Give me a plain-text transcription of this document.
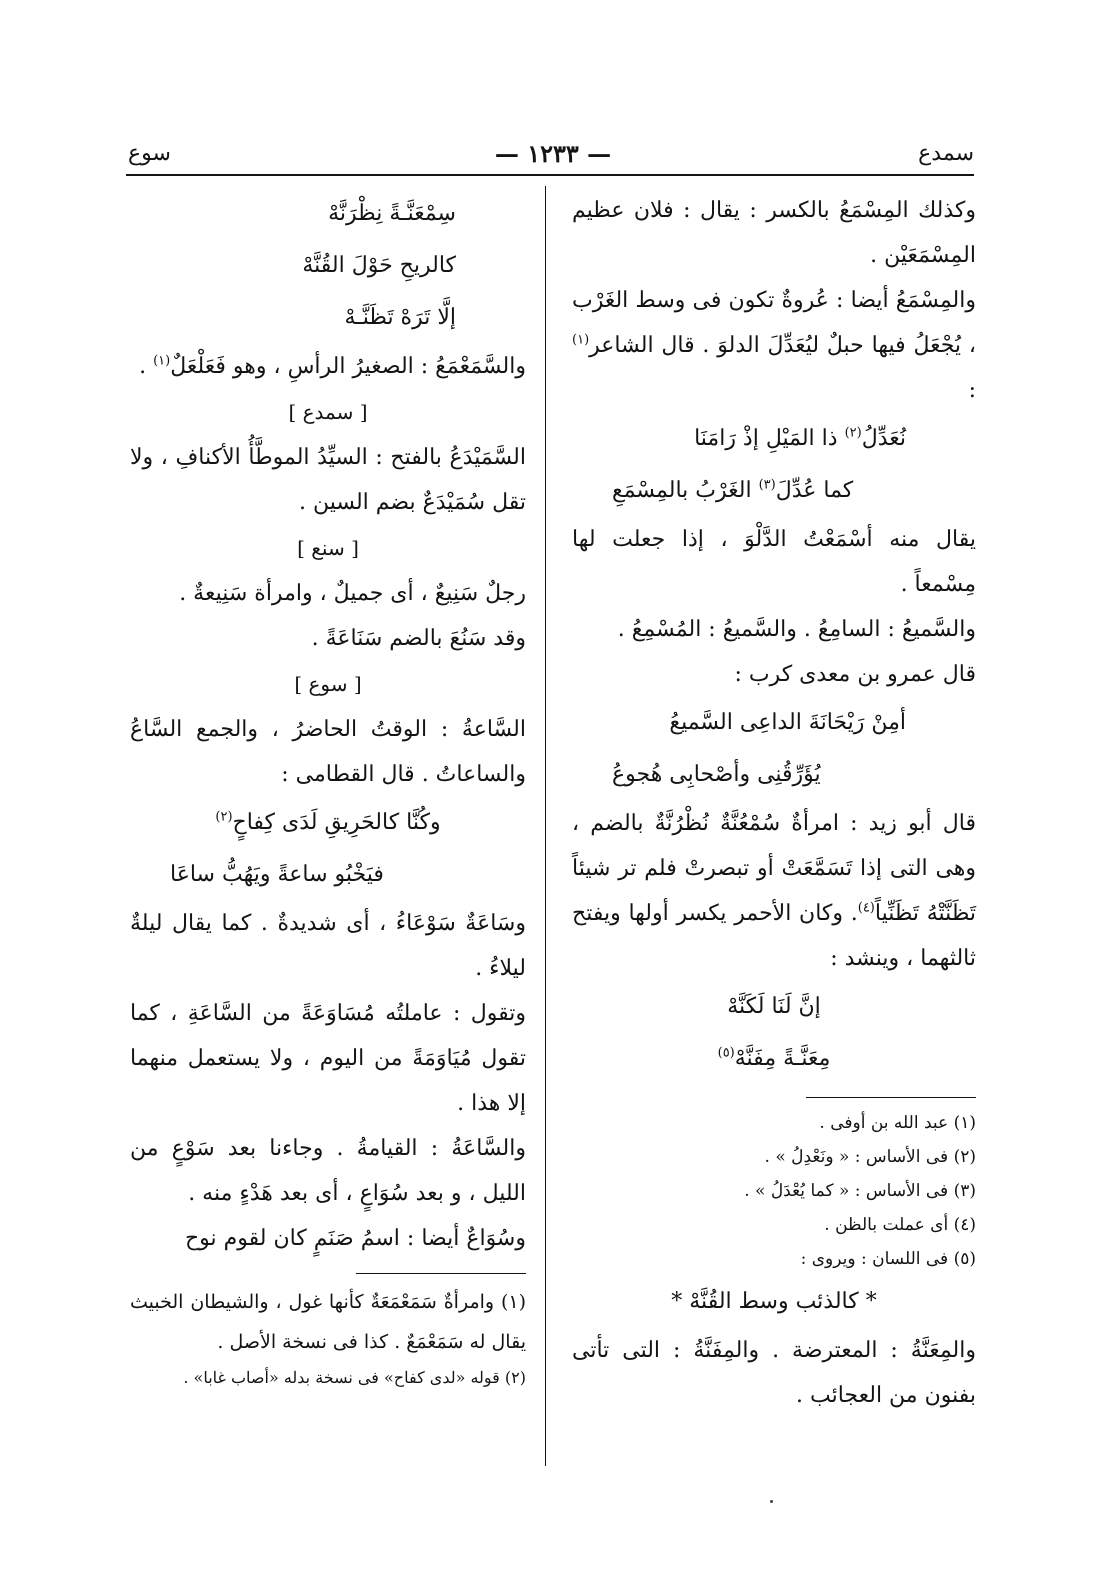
سمدع
— ١٢٣٣ —
سوع
وكذلك المِسْمَعُ بالكسر : يقال : فلان عظيم المِسْمَعَيْن .
والمِسْمَعُ أيضا : عُروةٌ تكون فى وسط الغَرْب ، يُجْعَلُ فيها حبلٌ ليُعَدِّلَ الدلوَ . قال الشاعر$^{(١)}$ :
نُعَدِّلُ$^{(٢)}$ ذا المَيْلِ إذْ رَامَنَا
كما عُدِّلَ$^{(٣)}$ الغَرْبُ بالمِسْمَعِ
يقال منه أسْمَعْتُ الدَّلْوَ ، إذا جعلت لها مِسْمعاً .
والسَّميعُ : السامِعُ . والسَّميعُ : المُسْمِعُ .
قال عمرو بن معدى كرب :
أمِنْ رَيْحَانَةَ الداعِى السَّميعُ
يُؤَرِّقُنِى وأصْحابِى هُجوعُ
قال أبو زيد : امرأةٌ سُمْعُنَّةٌ نُظْرُنَّةٌ بالضم ، وهى التى إذا تَسَمَّعَتْ أو تبصرتْ فلم تر شيئاً تَظَنَّتْهُ تَظَنِّياً$^{(٤)}$. وكان الأحمر يكسر أولها ويفتح ثالثهما ، وينشد :
إنَّ لَنَا لَكَنَّهْ
مِعَنَّـةً مِفَنَّهْ$^{(٥)}$
(١) عبد الله بن أوفى .
(٢) فى الأساس : « ونَعْدِلُ » .
(٣) فى الأساس : « كما يُعْدَلُ » .
(٤) أى عملت بالظن .
(٥) فى اللسان : ويروى :
* كالذئب وسط القُنَّهْ *
والمِعَنَّةُ : المعترضة . والمِفَنَّةُ : التى تأتى بفنون من العجائب .
سِمْعَنَّـةً نِظْرَنَّهْ
كالريحِ حَوْلَ القُنَّهْ
إلَّا تَرَهْ تَظَنَّـهْ
والسَّمَعْمَعُ : الصغيرُ الرأسِ ، وهو فَعَلْعَلٌ$^{(١)}$ .
[ سمدع ]
السَّمَيْدَعُ بالفتح : السيِّدُ الموطَّأُ الأكنافِ ، ولا تقل سُمَيْدَعٌ بضم السين .
[ سنع ]
رجلٌ سَنِيعٌ ، أى جميلٌ ، وامرأة سَنِيعةٌ .
وقد سَنُعَ بالضم سَنَاعَةً .
[ سوع ]
السَّاعةُ : الوقتُ الحاضرُ ، والجمع السَّاعُ والساعاتُ . قال القطامى :
وكُنَّا كالحَرِيقِ لَدَى كِفاحٍ$^{(٢)}$
فيَخْبُو ساعةً ويَهُبُّ ساعَا
وسَاعَةٌ سَوْعَاءُ ، أى شديدةٌ . كما يقال ليلةٌ ليلاءُ .
وتقول : عاملتُه مُسَاوَعَةً من السَّاعَةِ ، كما تقول مُيَاوَمَةً من اليوم ، ولا يستعمل منهما إلا هذا .
والسَّاعَةُ : القيامةُ . وجاءنا بعد سَوْعٍ من الليل ، و بعد سُوَاعٍ ، أى بعد هَدْءٍ منه .
وسُوَاعٌ أيضا : اسمُ صَنَمٍ كان لقوم نوح
(١) وامرأةٌ سَمَعْمَعَةٌ كأنها غول ، والشيطان الخبيث يقال له سَمَعْمَعٌ . كذا فى نسخة الأصل .
(٢) قوله «لدى كفاح» فى نسخة بدله «أصاب غابا» .
